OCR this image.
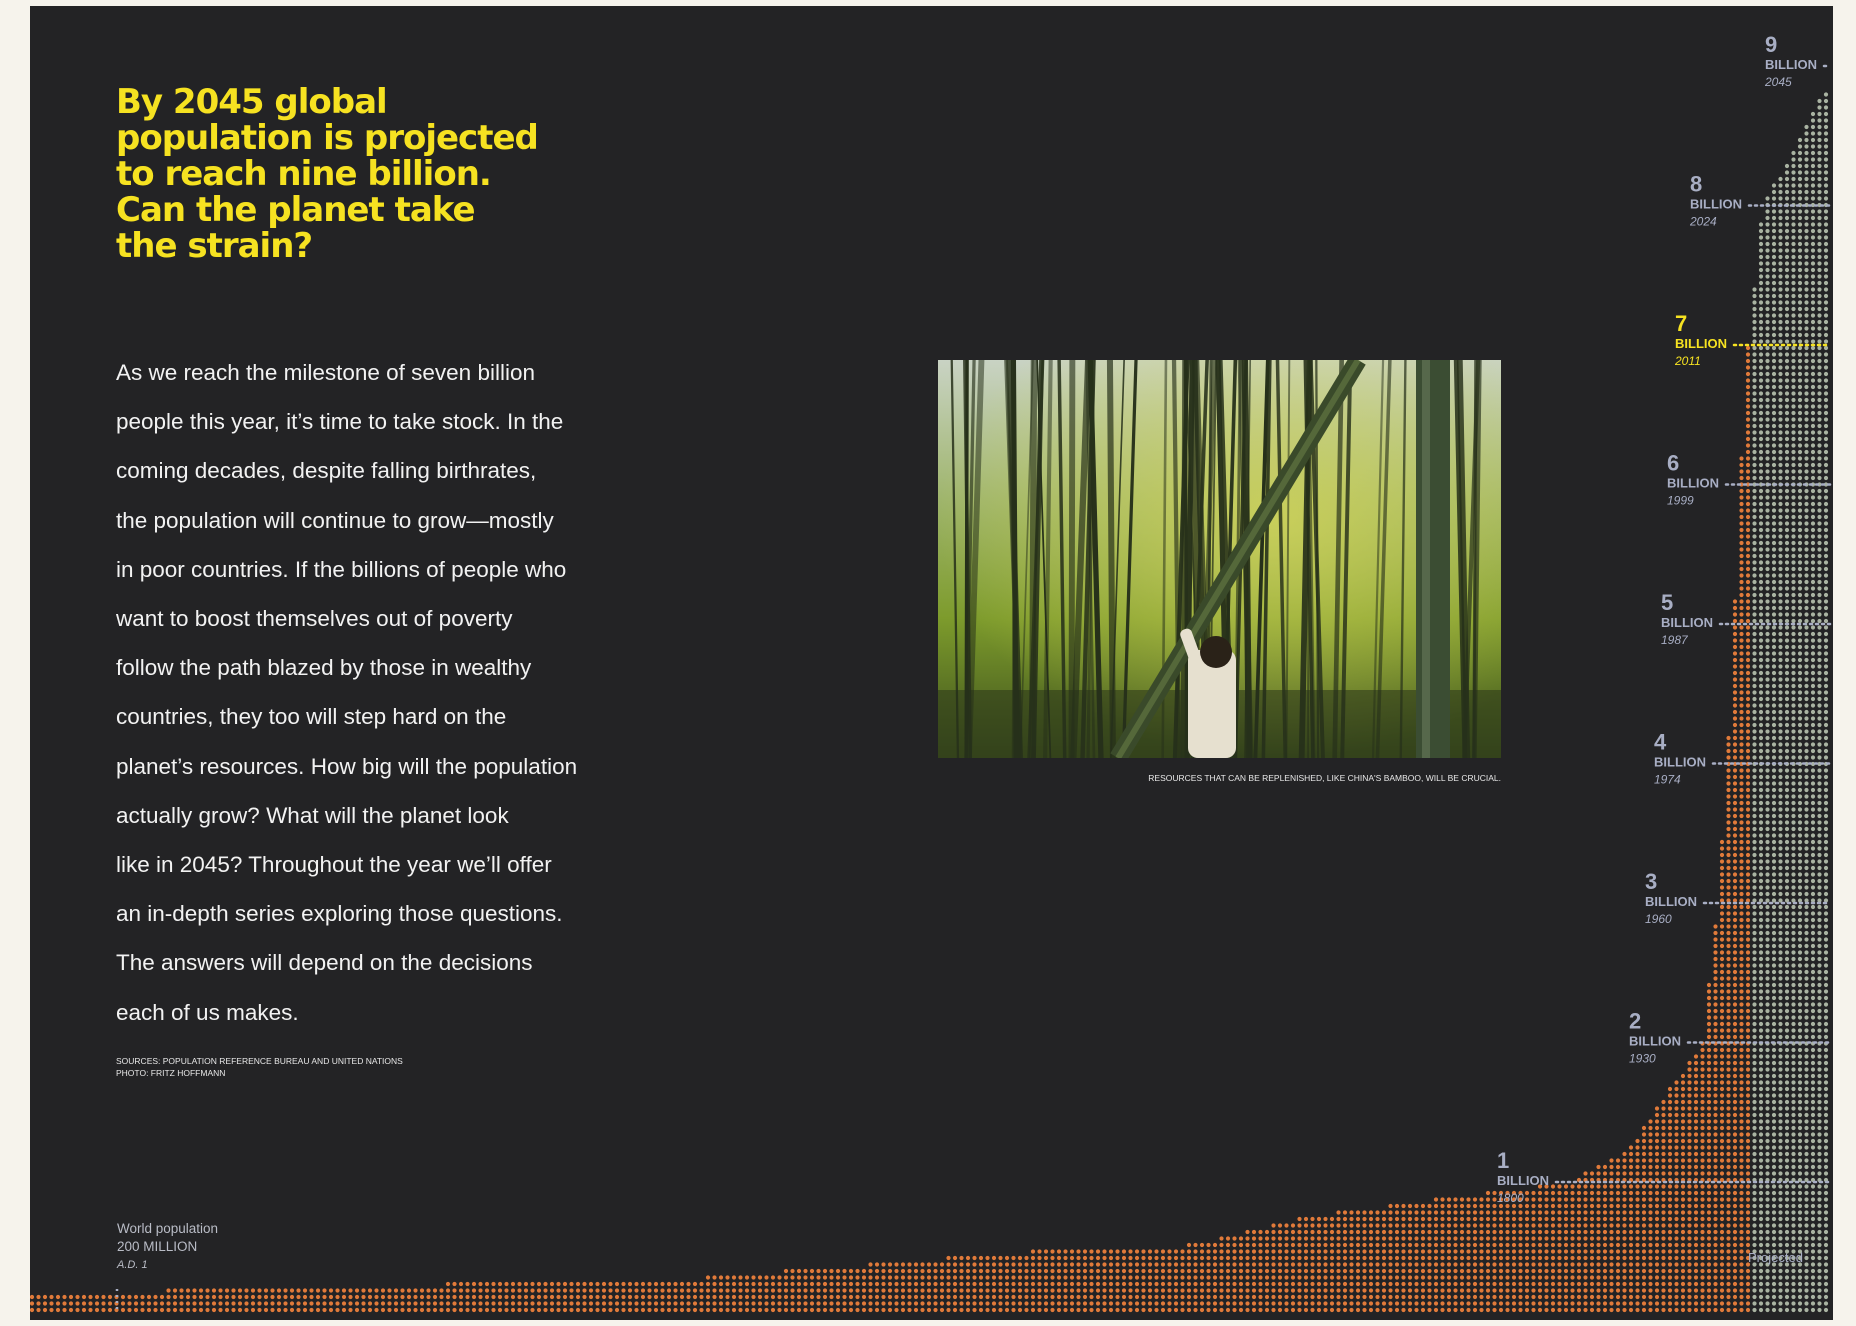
By 2045 global
population is projected
to reach nine billion.
Can the planet take
the strain?

As we reach the milestone of seven billion
people this year, it’s time to take stock. In the
coming decades, despite falling birthrates,
the population will continue to grow—mostly
in poor countries. If the billions of people who
want to boost themselves out of poverty
follow the path blazed by those in wealthy
countries, they too will step hard on the
planet’s resources. How big will the population
actually grow? What will the planet look
like in 2045? Throughout the year we’ll offer
an in-depth series exploring those questions.
The answers will depend on the decisions
each of us makes.

SOURCES: POPULATION REFERENCE BUREAU AND UNITED NATIONS
PHOTO: FRITZ HOFFMANN
RESOURCES THAT CAN BE REPLENISHED, LIKE CHINA'S BAMBOO, WILL BE CRUCIAL.
1
BILLION
1800
2
BILLION
1930
3
BILLION
1960
4
BILLION
1974
5
BILLION
1987
6
BILLION
1999
7
BILLION
2011
8
BILLION
2024
9
BILLION
2045
Projected
World population
200 MILLION
A.D. 1
